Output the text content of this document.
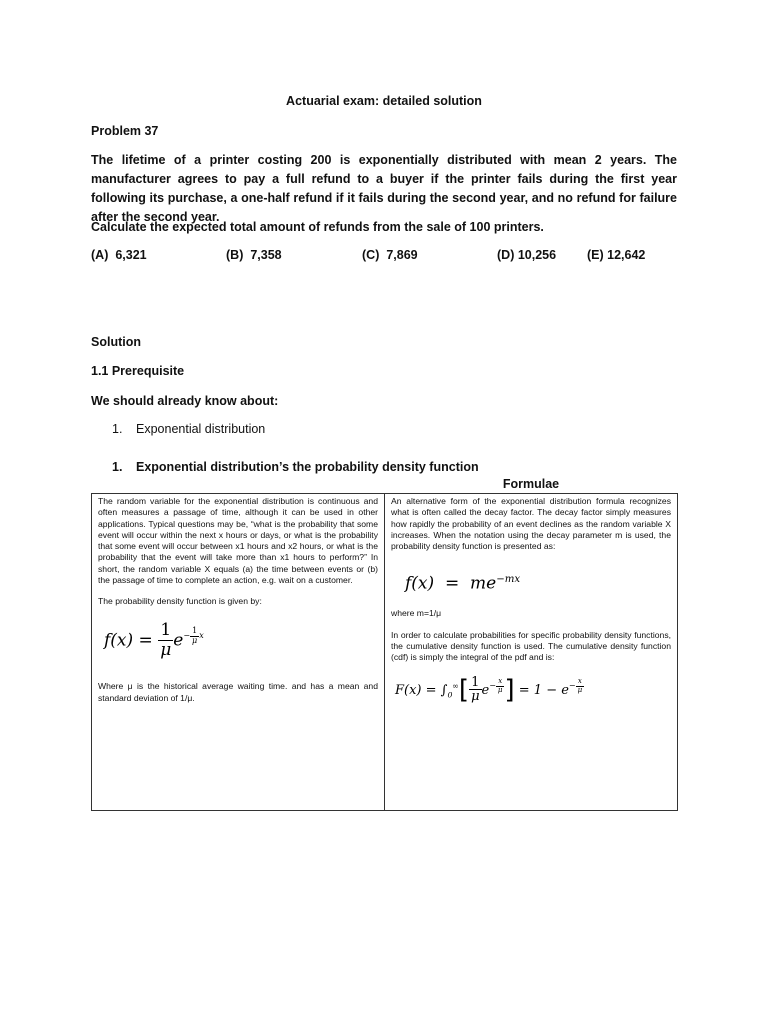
Actuarial exam: detailed solution
Problem 37
The lifetime of a printer costing 200 is exponentially distributed with mean 2 years. The manufacturer agrees to pay a full refund to a buyer if the printer fails during the first year following its purchase, a one-half refund if it fails during the second year, and no refund for failure after the second year.
Calculate the expected total amount of refunds from the sale of 100 printers.
(A) 6,321	(B) 7,358	(C) 7,869	(D) 10,256 (E) 12,642
Solution
1.1 Prerequisite
We should already know about:
1. Exponential distribution
1. Exponential distribution’s the probability density function
Formulae

The random variable for the exponential distribution is continuous and often measures a passage of time, although it can be used in other applications. Typical questions may be, “what is the probability that some event will occur within the next x hours or days, or what is the probability that some event will occur between x1 hours and x2 hours, or what is the probability that the event will take more than x1 hours to perform?” In short, the random variable X equals (a) the time between events or (b) the passage of time to complete an action, e.g. wait on a customer.

The probability density function is given by:

$f(x) = \frac{1}{\mu} e- \frac{1}{\mu}$ x

Where μ is the historical average waiting time. and has a mean and standard deviation of 1/μ.

An alternative form of the exponential distribution formula recognizes what is often called the decay factor. The decay factor simply measures how rapidly the probability of an event declines as the random variable X increases. When the notation using the decay parameter m is used, the probability density function is presented as:

$f(x) = me^{-mx}$

where m=1/μ

In order to calculate probabilities for specific probability density functions, the cumulative density function is used. The cumulative density function (cdf) is simply the integral of the pdf and is:

$F(x) = \int_0^\infty[ \frac{1}{\mu} e- \frac{x}{\mu}$ ] = $1 - e- \frac{x}{\mu}$
